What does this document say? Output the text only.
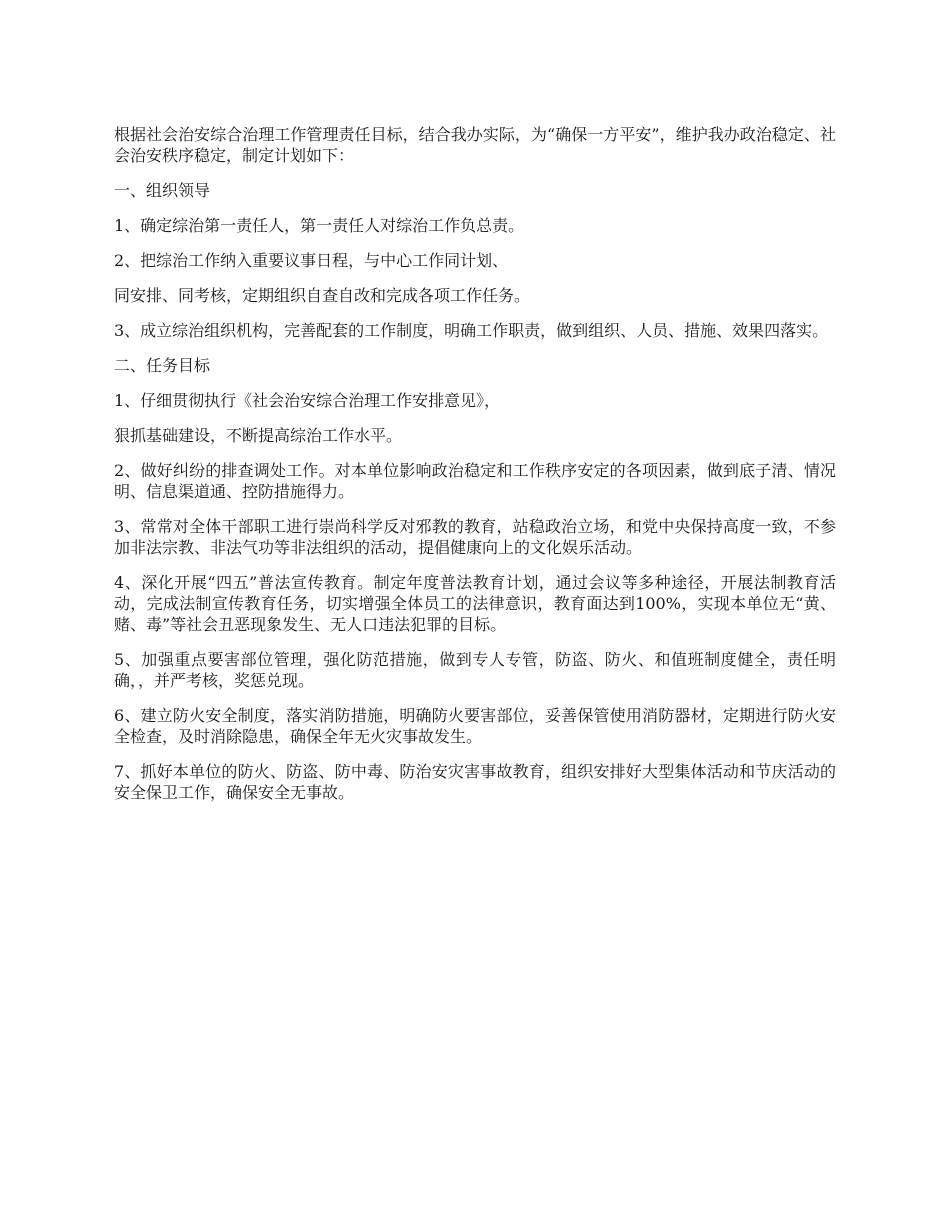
根据社会治安综合治理工作管理责任目标，结合我办实际，为“确保一方平安”，维护我办政治稳定、社会治安秩序稳定，制定计划如下：

一、组织领导

1、确定综治第一责任人，第一责任人对综治工作负总责。

2、把综治工作纳入重要议事日程，与中心工作同计划、

同安排、同考核，定期组织自查自改和完成各项工作任务。

3、成立综治组织机构，完善配套的工作制度，明确工作职责，做到组织、人员、措施、效果四落实。

二、任务目标

1、仔细贯彻执行《社会治安综合治理工作安排意见》，

狠抓基础建设，不断提高综治工作水平。

2、做好纠纷的排查调处工作。对本单位影响政治稳定和工作秩序安定的各项因素，做到底子清、情况明、信息渠道通、控防措施得力。

3、常常对全体干部职工进行崇尚科学反对邪教的教育，站稳政治立场，和党中央保持高度一致，不参加非法宗教、非法气功等非法组织的活动，提倡健康向上的文化娱乐活动。

4、深化开展“四五”普法宣传教育。制定年度普法教育计划，通过会议等多种途径，开展法制教育活动，完成法制宣传教育任务，切实增强全体员工的法律意识，教育面达到100%，实现本单位无“黄、赌、毒”等社会丑恶现象发生、无人口违法犯罪的目标。

5、加强重点要害部位管理，强化防范措施，做到专人专管，防盗、防火、和值班制度健全，责任明确，，并严考核，奖惩兑现。

6、建立防火安全制度，落实消防措施，明确防火要害部位，妥善保管使用消防器材，定期进行防火安全检查，及时消除隐患，确保全年无火灾事故发生。

7、抓好本单位的防火、防盗、防中毒、防治安灾害事故教育，组织安排好大型集体活动和节庆活动的安全保卫工作，确保安全无事故。
